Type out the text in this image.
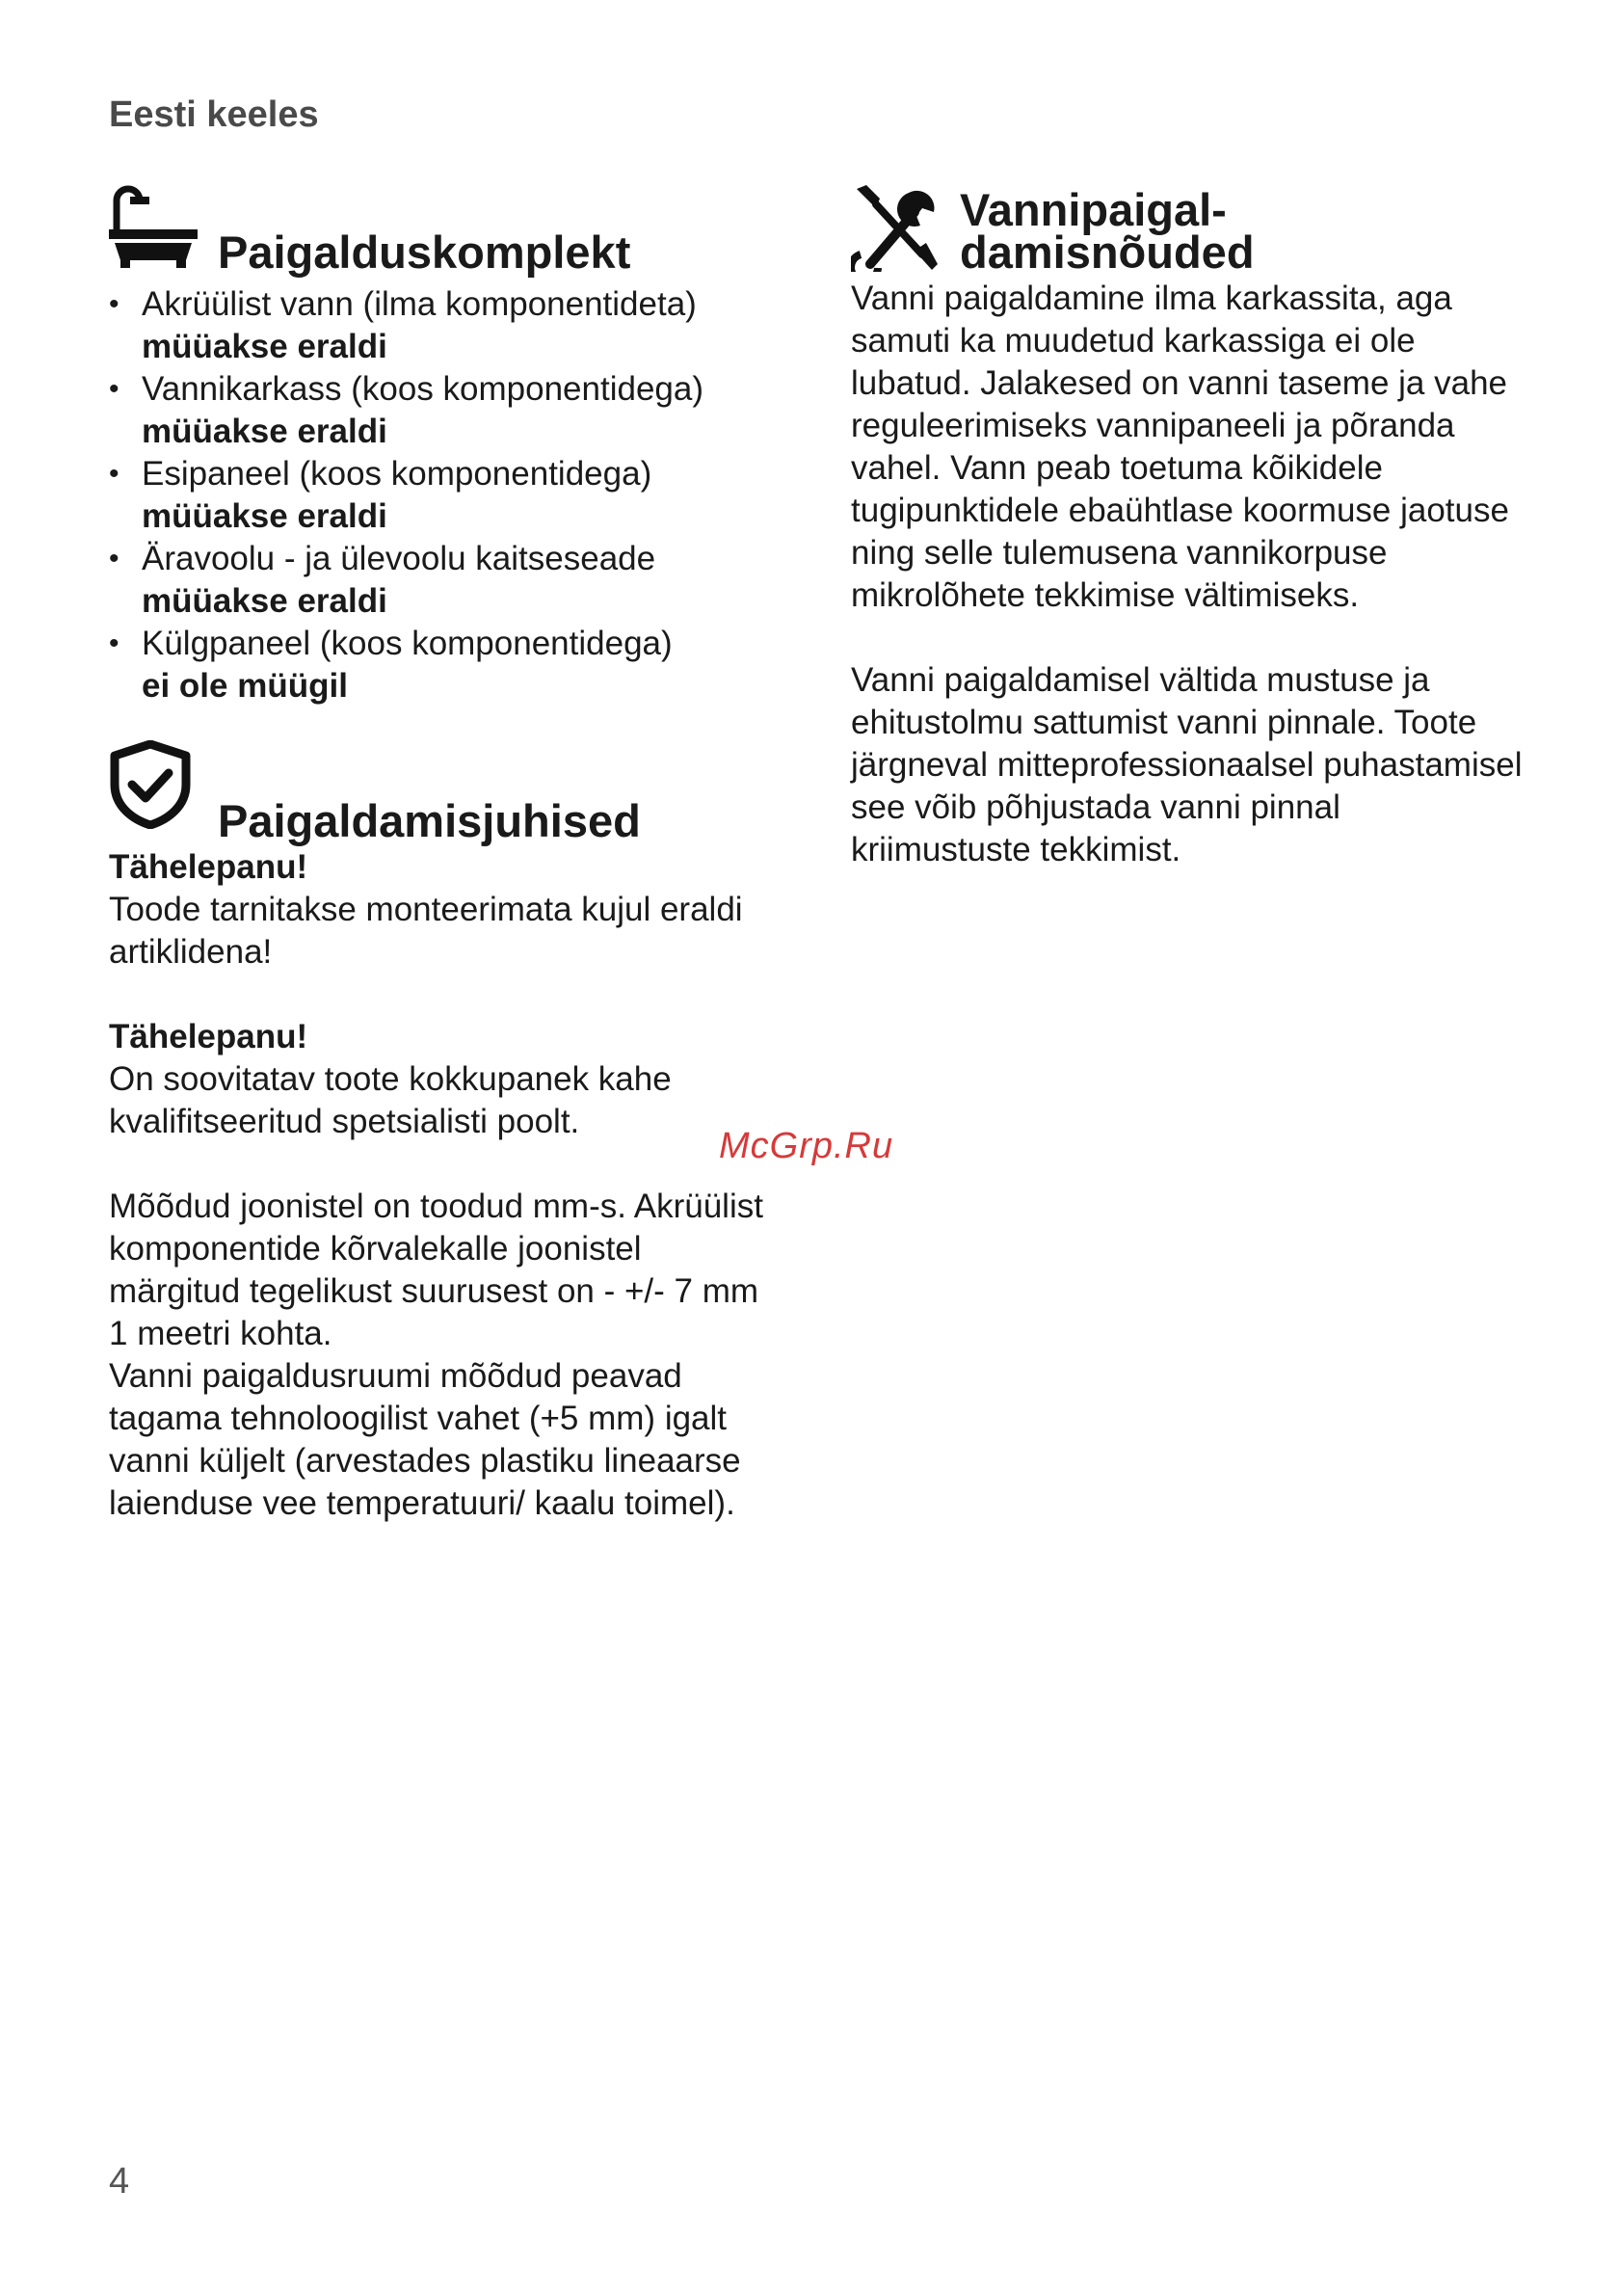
Eesti keeles
Paigalduskomplekt
• Akrüülist vann (ilma komponentideta)
müüakse eraldi
• Vannikarkass (koos komponentidega)
müüakse eraldi
• Esipaneel (koos komponentidega)
müüakse eraldi
• Äravoolu - ja ülevoolu kaitseseade
müüakse eraldi
• Külgpaneel (koos komponentidega)
ei ole müügil
Paigaldamisjuhised

Tähelepanu!

Toode tarnitakse monteerimata kujul eraldi artiklidena!

Tähelepanu!

On soovitatav toote kokkupanek kahe kvalifitseeritud spetsialisti poolt.

Mõõdud joonistel on toodud mm-s. Akrüülist komponentide kõrvalekalle joonistel märgitud tegelikust suurusest on - +/- 7 mm 1 meetri kohta.

Vanni paigaldusruumi mõõdud peavad tagama tehnoloogilist vahet (+5 mm) igalt vanni küljelt (arvestades plastiku lineaarse laienduse vee temperatuuri/ kaalu toimel).

Vannipaigal-
damisnõuded

Vanni paigaldamine ilma karkassita, aga samuti ka muudetud karkassiga ei ole lubatud. Jalakesed on vanni taseme ja vahe reguleerimiseks vannipaneeli ja põranda vahel. Vann peab toetuma kõikidele tugipunktidele ebaühtlase koormuse jaotuse ning selle tulemusena vannikorpuse mikrolõhete tekkimise vältimiseks.

Vanni paigaldamisel vältida mustuse ja ehitustolmu sattumist vanni pinnale. Toote järgneval mitteprofessionaalsel puhastamisel see võib põhjustada vanni pinnal kriimustuste tekkimist.

McGrp.Ru
4
